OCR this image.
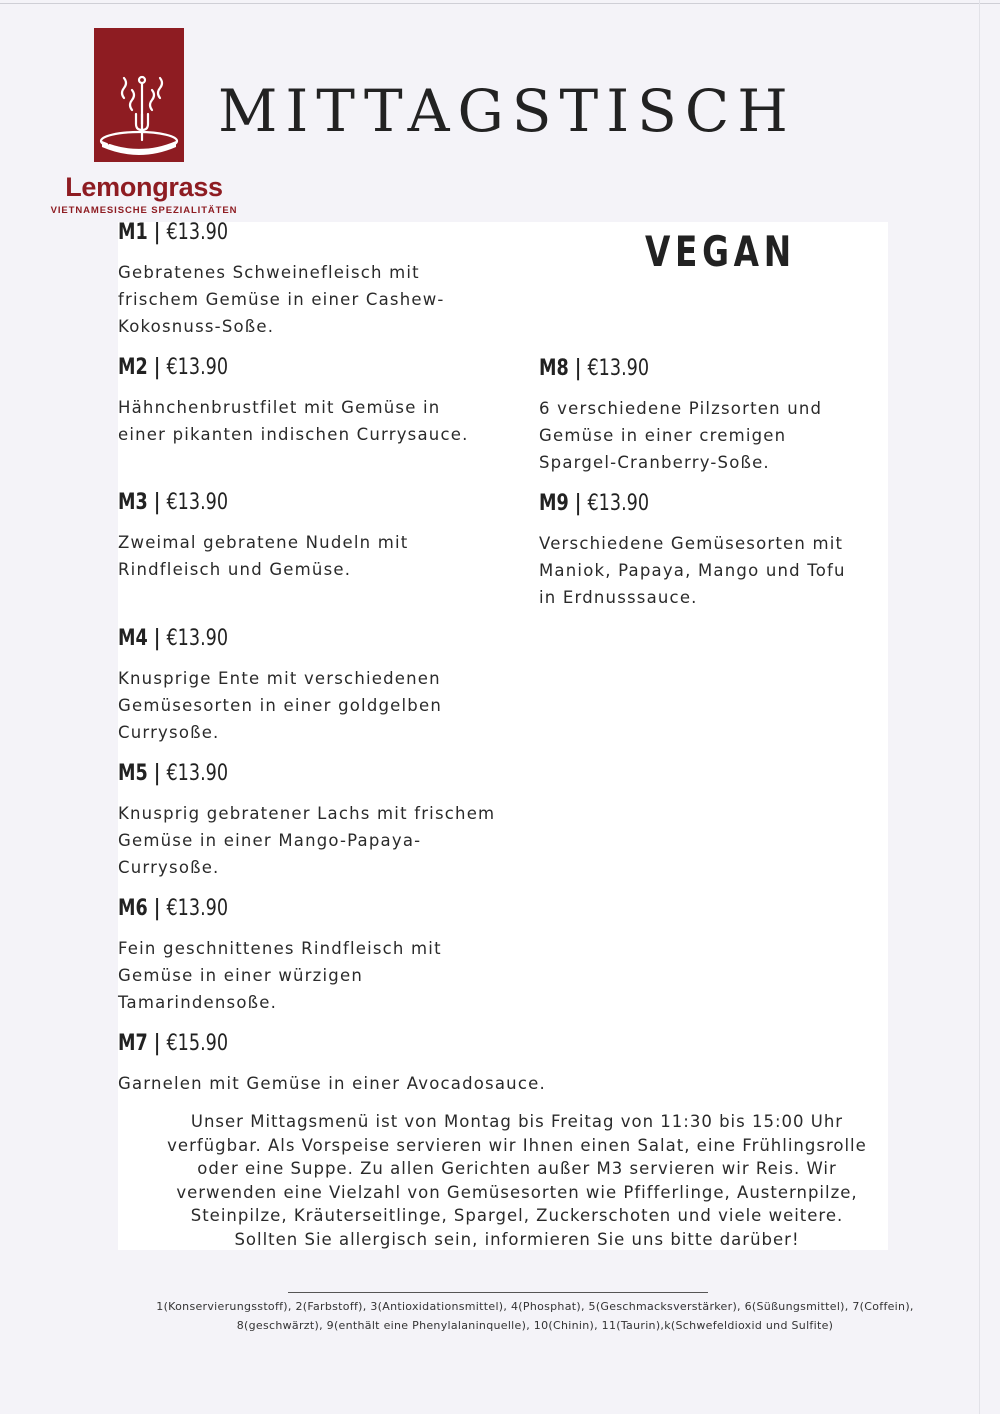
Lemongrass
VIETNAMESISCHE SPEZIALITÄTEN
MITTAGSTISCH
VEGAN
M1 | €13.90
Gebratenes Schweinefleisch mit
frischem Gemüse in einer Cashew-
Kokosnuss-Soße.
M2 | €13.90
Hähnchenbrustfilet mit Gemüse in
einer pikanten indischen Currysauce.
M3 | €13.90
Zweimal gebratene Nudeln mit
Rindfleisch und Gemüse.
M4 | €13.90
Knusprige Ente mit verschiedenen
Gemüsesorten in einer goldgelben
Currysoße.
M5 | €13.90
Knusprig gebratener Lachs mit frischem
Gemüse in einer Mango-Papaya-
Currysoße.
M6 | €13.90
Fein geschnittenes Rindfleisch mit
Gemüse in einer würzigen
Tamarindensoße.
M7 | €15.90
Garnelen mit Gemüse in einer Avocadosauce.
M8 | €13.90
6 verschiedene Pilzsorten und
Gemüse in einer cremigen
Spargel-Cranberry-Soße.
M9 | €13.90
Verschiedene Gemüsesorten mit
Maniok, Papaya, Mango und Tofu
in Erdnusssauce.
Unser Mittagsmenü ist von Montag bis Freitag von 11:30 bis 15:00 Uhr verfügbar. Als Vorspeise servieren wir Ihnen einen Salat, eine Frühlingsrolle oder eine Suppe. Zu allen Gerichten außer M3 servieren wir Reis. Wir verwenden eine Vielzahl von Gemüsesorten wie Pfifferlinge, Austernpilze, Steinpilze, Kräuterseitlinge, Spargel, Zuckerschoten und viele weitere.
Sollten Sie allergisch sein, informieren Sie uns bitte darüber!
1(Konservierungsstoff), 2(Farbstoff), 3(Antioxidationsmittel), 4(Phosphat), 5(Geschmacksverstärker), 6(Süßungsmittel), 7(Coffein), 8(geschwärzt), 9(enthält eine Phenylalaninquelle), 10(Chinin), 11(Taurin),k(Schwefeldioxid und Sulfite)
